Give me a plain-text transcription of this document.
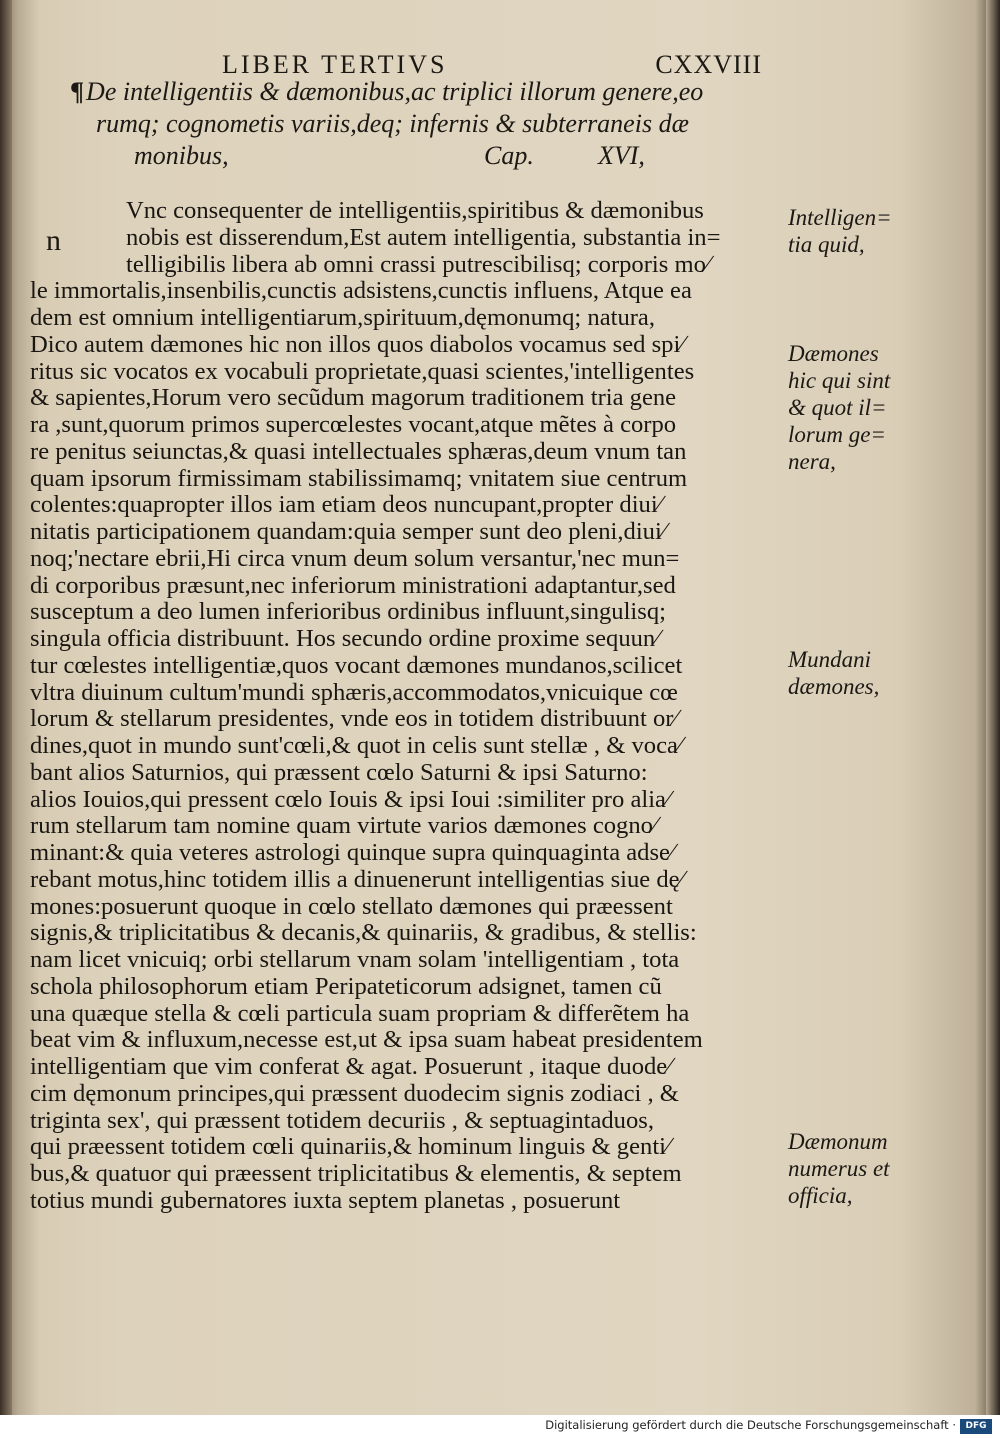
LIBER TERTIVS	CXXVIII
¶De intelligentiis & dæmonibus,ac triplici illorum genere,eo
rumq; cognometis variis,deq; infernis & subterraneis dæ
monibus,	Cap. XVI,
n
Vnc consequenter de intelligentiis,spiritibus & dæmonibus
nobis est disserendum,Est autem intelligentia, substantia in=
telligibilis libera ab omni crassi putrescibilisq; corporis mo∕
le immortalis,insenbilis,cunctis adsistens,cunctis influens, Atque ea
dem est omnium intelligentiarum,spirituum,dęmonumq; natura,
Dico autem dæmones hic non illos quos diabolos vocamus sed spi∕
ritus sic vocatos ex vocabuli proprietate,quasi scientes,'intelligentes
& sapientes,Horum vero secũdum magorum traditionem tria gene
ra ,sunt,quorum primos supercœlestes vocant,atque mẽtes à corpo
re penitus seiunctas,& quasi intellectuales sphæras,deum vnum tan
quam ipsorum firmissimam stabilissimamq; vnitatem siue centrum
colentes:quapropter illos iam etiam deos nuncupant,propter diui∕
nitatis participationem quandam:quia semper sunt deo pleni,diui∕
noq;'nectare ebrii,Hi circa vnum deum solum versantur,'nec mun=
di corporibus præsunt,nec inferiorum ministrationi adaptantur,sed
susceptum a deo lumen inferioribus ordinibus influunt,singulisq;
singula officia distribuunt. Hos secundo ordine proxime sequun∕
tur cœlestes intelligentiæ,quos vocant dæmones mundanos,scilicet
vltra diuinum cultum'mundi sphæris,accommodatos,vnicuique cœ
lorum & stellarum presidentes, vnde eos in totidem distribuunt or∕
dines,quot in mundo sunt'cœli,& quot in celis sunt stellæ , & voca∕
bant alios Saturnios, qui præssent cœlo Saturni & ipsi Saturno:
alios Iouios,qui pressent cœlo Iouis & ipsi Ioui :similiter pro alia∕
rum stellarum tam nomine quam virtute varios dæmones cogno∕
minant:& quia veteres astrologi quinque supra quinquaginta adse∕
rebant motus,hinc totidem illis a dinuenerunt intelligentias siue dę∕
mones:posuerunt quoque in cœlo stellato dæmones qui præessent
signis,& triplicitatibus & decanis,& quinariis, & gradibus, & stellis:
nam licet vnicuiq; orbi stellarum vnam solam 'intelligentiam , tota
schola philosophorum etiam Peripateticorum adsignet, tamen cũ
una quæque stella & cœli particula suam propriam & differẽtem ha
beat vim & influxum,necesse est,ut & ipsa suam habeat presidentem
intelligentiam que vim conferat & agat. Posuerunt , itaque duode∕
cim dęmonum principes,qui præssent duodecim signis zodiaci , &
triginta sex', qui præssent totidem decuriis , & septuagintaduos,
qui præessent totidem cœli quinariis,& hominum linguis & genti∕
bus,& quatuor qui præessent triplicitatibus & elementis, & septem
totius mundi gubernatores iuxta septem planetas , posuerunt
Intelligen=
tia quid,
Dæmones
hic qui sint
& quot il=
lorum ge=
nera,
Mundani
dæmones,
Dæmonum
numerus et
officia,
Digitalisierung gefördert durch die Deutsche Forschungsgemeinschaft ·	DFG
